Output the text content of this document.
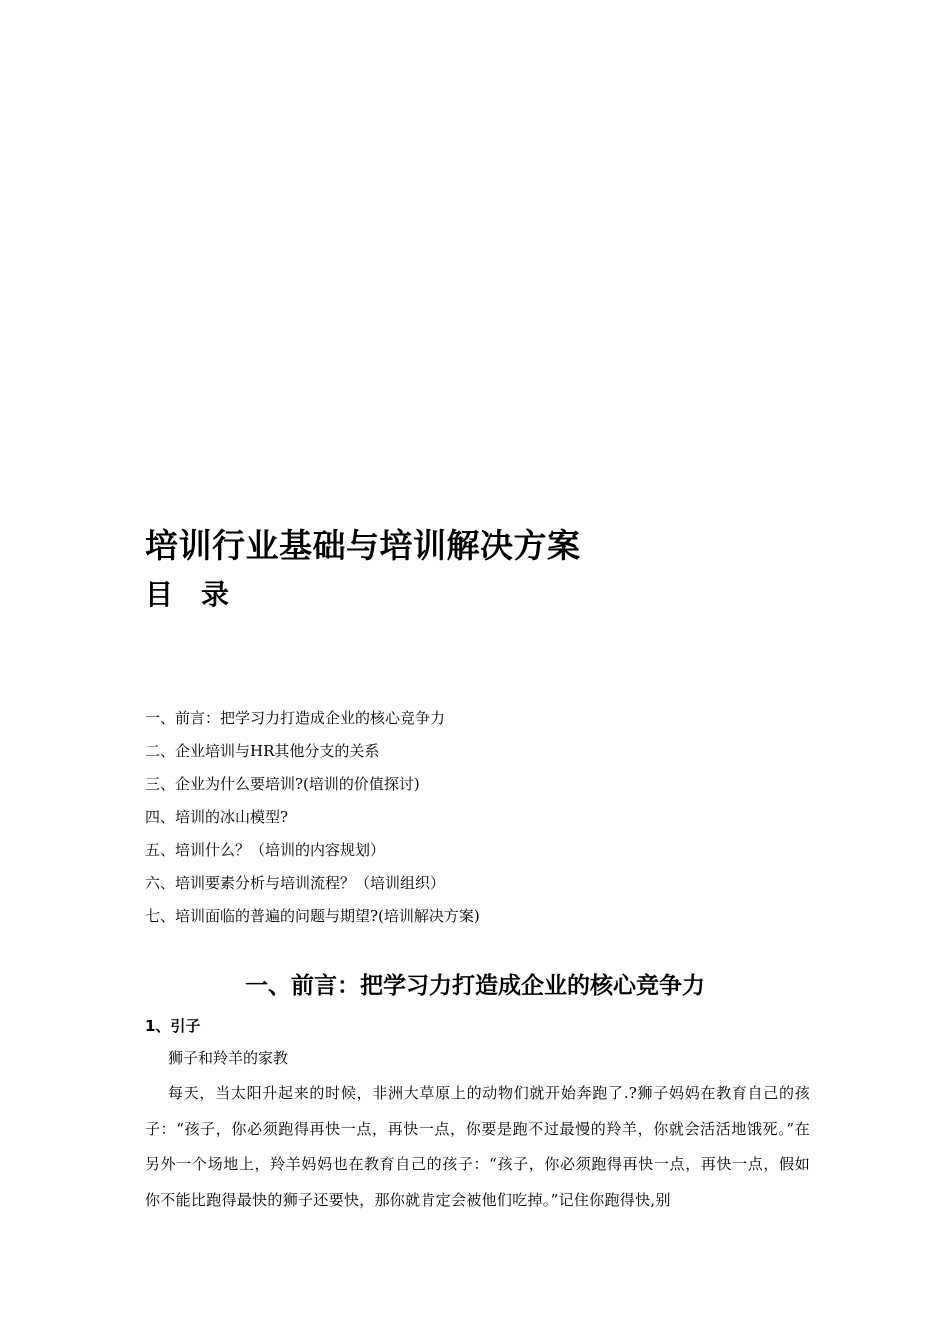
培训行业基础与培训解决方案
目　录
一、前言：把学习力打造成企业的核心竞争力
二、企业培训与HR其他分支的关系
三、企业为什么要培训?(培训的价值探讨)
四、培训的冰山模型?
五、培训什么？（培训的内容规划）
六、培训要素分析与培训流程？（培训组织）
七、培训面临的普遍的问题与期望?(培训解决方案)
一、前言：把学习力打造成企业的核心竞争力
1、引子

狮子和羚羊的家教

每天，当太阳升起来的时候，非洲大草原上的动物们就开始奔跑了.?狮子妈妈在教育自己的孩子：“孩子，你必须跑得再快一点，再快一点，你要是跑不过最慢的羚羊，你就会活活地饿死。”在另外一个场地上，羚羊妈妈也在教育自己的孩子：“孩子，你必须跑得再快一点，再快一点，假如你不能比跑得最快的狮子还要快，那你就肯定会被他们吃掉。”记住你跑得快,别
